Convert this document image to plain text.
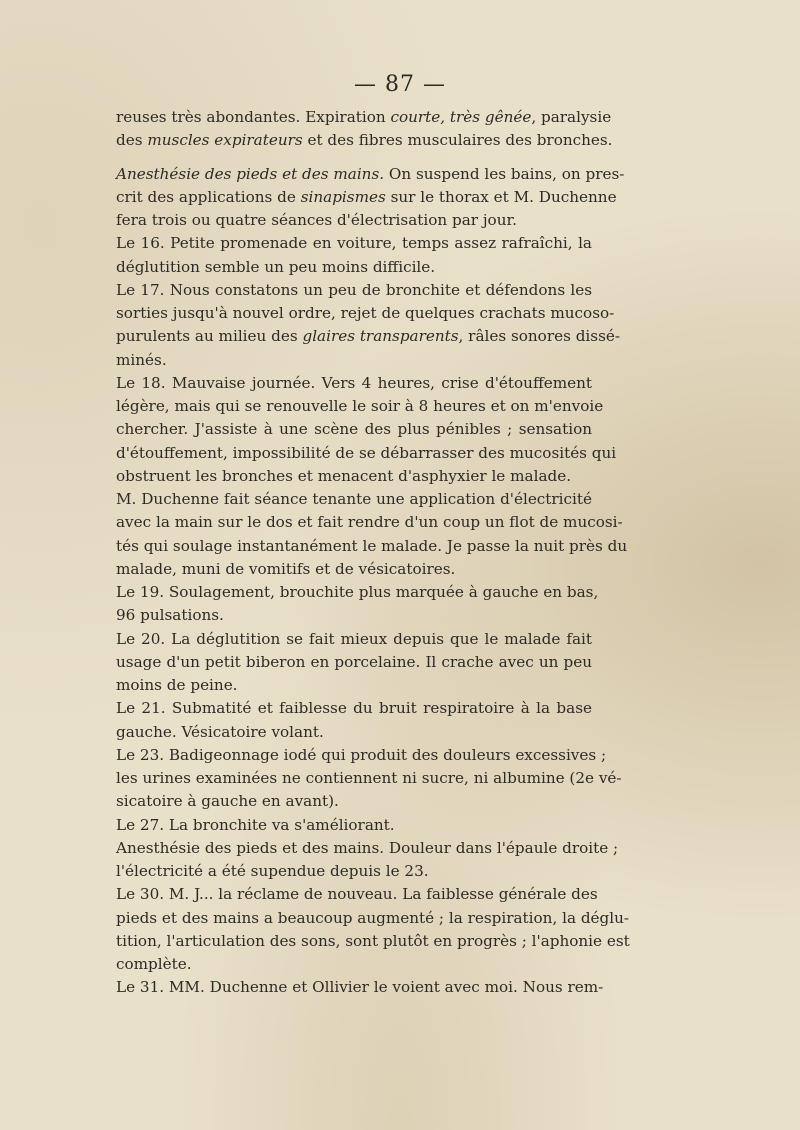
— 87 —
reuses très abondantes. Expiration courte, très gênée, paralysie
des muscles expirateurs et des fibres musculaires des bronches.
Anesthésie des pieds et des mains. On suspend les bains, on pres-
crit des applications de sinapismes sur le thorax et M. Duchenne
fera trois ou quatre séances d'électrisation par jour.
Le 16. Petite promenade en voiture, temps assez rafraîchi, la
déglutition semble un peu moins difficile.
Le 17. Nous constatons un peu de bronchite et défendons les
sorties jusqu'à nouvel ordre, rejet de quelques crachats mucoso-
purulents au milieu des glaires transparents, râles sonores dissé-
minés.
Le 18. Mauvaise journée. Vers 4 heures, crise d'étouffement
légère, mais qui se renouvelle le soir à 8 heures et on m'envoie
chercher. J'assiste à une scène des plus pénibles ; sensation
d'étouffement, impossibilité de se débarrasser des mucosités qui
obstruent les bronches et menacent d'asphyxier le malade.
M. Duchenne fait séance tenante une application d'électricité
avec la main sur le dos et fait rendre d'un coup un flot de mucosi-
tés qui soulage instantanément le malade. Je passe la nuit près du
malade, muni de vomitifs et de vésicatoires.
Le 19. Soulagement, brouchite plus marquée à gauche en bas,
96 pulsations.
Le 20. La déglutition se fait mieux depuis que le malade fait
usage d'un petit biberon en porcelaine. Il crache avec un peu
moins de peine.
Le 21. Submatité et faiblesse du bruit respiratoire à la base
gauche. Vésicatoire volant.
Le 23. Badigeonnage iodé qui produit des douleurs excessives ;
les urines examinées ne contiennent ni sucre, ni albumine (2e vé-
sicatoire à gauche en avant).
Le 27. La bronchite va s'améliorant.
Anesthésie des pieds et des mains. Douleur dans l'épaule droite ;
l'électricité a été supendue depuis le 23.
Le 30. M. J... la réclame de nouveau. La faiblesse générale des
pieds et des mains a beaucoup augmenté ; la respiration, la déglu-
tition, l'articulation des sons, sont plutôt en progrès ; l'aphonie est
complète.
Le 31. MM. Duchenne et Ollivier le voient avec moi. Nous rem-
